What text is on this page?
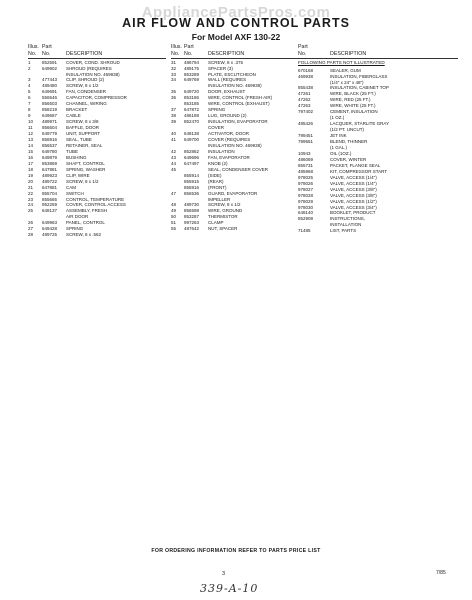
AppliancePartsPros.com
AIR FLOW AND CONTROL PARTS
For Model AXF 130-22
Illus. Part
No.	No.	DESCRIPTION
1	852591	COVER, COND. SHROUD
2	649902	SHROUD (REQUIRES
INSULATION NO. 469938)
3	477443	CLIP, SHROUD (2)
4	489480	SCREW, 8 x 1/2
5	649691	FAN, CONDENSER
6	556546	CAPACITOR, COMPRESSOR
7	856503	CHANNEL, WIRING
8	858219	BRACKET
9	649687	CABLE
10	489971	SCREW, 8 x 3/8
11	856604	BAFFLE, DOOR
12	649779	UNIT, SUPPORT
13	856916	SEAL, TUBE
14	856537	RETAINER, SEAL
15	649780	TUBE
16	649879	BUSHING
17	853869	SHAFT, CONTROL
18	647881	SPRING, WASHER
19	489923	CLIP, WIRE
20	489722	SCREW, 8 x 1/2
21	647881	CAM
22	855704	SWITCH
23	855665	CONTROL, TEMPERATURE
24	952259	COVER, CONTROL ACCESS
25	648137	ASSEMBLY, FRESH
AIR DOOR
26	649963	PANEL, CONTROL
27	649428	SPRING
28	489725	SCREW, 8 x .562
Illus. Part
No. No.	DESCRIPTION
31	486794	SCREW, 8 x .375
32	489175	SPACER (3)
33	853289	PLATE, ESCUTCHEON
34	649769	WALL (REQUIRES
INSULATION NO. 469938)
35	649720	DOOR, EXHAUST
36	853186	WIRE, CONTROL (FRESH AIR)
853185	WIRE, CONTROL (EXHAUST)
37	647872	SPRING
38	486188	LUG, GROUND (2)
39	852470	INSULATION, EVAPORATOR
COVER
40	648138	ACTIVATOR, DOOR
41	649700	COVER (REQUIRES
INSULATION NO. 469938)
42	852862	INSULATION
43	649696	FAN, EVAPORATOR
44	647497	KNOB (2)
45	SEAL, CONDENSER COVER
855914	(SIDE)
855915	(REAR)
855916	(FRONT)
47	856536	GUARD, EVAPORATOR
IMPELLER
48	489730	SCREW, 8 x 1/2
49	856598	WIRE, GROUND
50	853287	THERMISTOR
51	997263	CLAMP
55	487642	NUT, SPACER
Part
No.	DESCRIPTION
FOLLOWING PARTS NOT ILLUSTRATED
670168	SEALER, GUM
469938	INSULATION, FIBERGLASS
(1/4" x 24" x 48")
855438	INSULATION, CABINET TOP
47261	WIRE, BLACK (25 FT.)
47262	WIRE, RED (25 FT.)
47263	WIRE, WHITE (25 FT.)
797402	CEMENT, INSULATION
(1 OZ.)
485426	LACQUER, STARLITE GRAY
(1/2 PT. UNCUT)
799451	JET INK
799551	BLEND, THINNER
(1 GAL.)
10943	OIL (1OZ.)
486069	COVER, WINTER
855731	PACKET, FLANGE SEAL
485968	KIT, COMPRESSOR START
978025	VALVE, ACCESS (1/4")
978026	VALVE, ACCESS (1/4")
978027	VALVE, ACCESS (3/8")
978028	VALVE, ACCESS (3/8")
978029	VALVE, ACCESS (1/2")
978030	VALVE, ACCESS (3/4")
648140	BOOKLET, PRODUCT
852908	INSTRUCTIONS,
INSTALLATION
71485	LIST, PARTS
FOR ORDERING INFORMATION REFER TO PARTS PRICE LIST
3	7/85
339-A-10
